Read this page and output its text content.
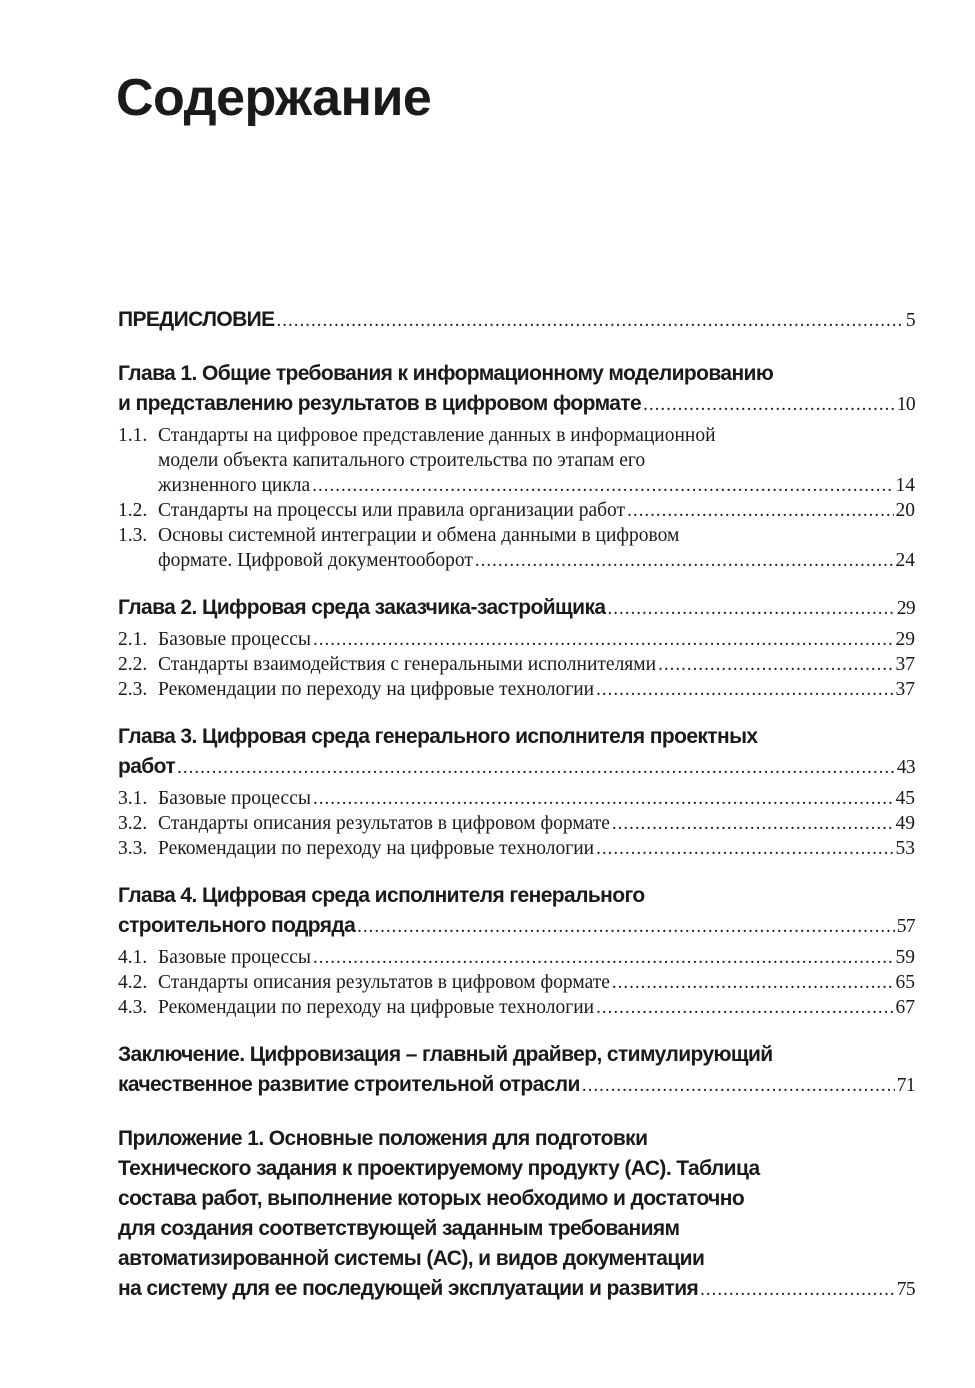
Содержание
ПРЕДИСЛОВИЕ .....	5
Глава 1. Общие требования к информационному моделированию
и представлению результатов в цифровом формате .....	10
1.1. Стандарты на цифровое представление данных в информационной
модели объекта капитального строительства по этапам его
жизненного цикла .....	14
1.2. Стандарты на процессы или правила организации работ .....	20
1.3. Основы системной интеграции и обмена данными в цифровом
формате. Цифровой документооборот .....	24
Глава 2. Цифровая среда заказчика-застройщика .....	29
2.1. Базовые процессы .....	29
2.2. Стандарты взаимодействия с генеральными исполнителями .....	37
2.3. Рекомендации по переходу на цифровые технологии .....	37
Глава 3. Цифровая среда генерального исполнителя проектных
работ .....	43
3.1. Базовые процессы .....	45
3.2. Стандарты описания результатов в цифровом формате .....	49
3.3. Рекомендации по переходу на цифровые технологии .....	53
Глава 4. Цифровая среда исполнителя генерального
строительного подряда .....	57
4.1. Базовые процессы .....	59
4.2. Стандарты описания результатов в цифровом формате .....	65
4.3. Рекомендации по переходу на цифровые технологии .....	67
Заключение. Цифровизация – главный драйвер, стимулирующий
качественное развитие строительной отрасли .....	71
Приложение 1. Основные положения для подготовки
Технического задания к проектируемому продукту (АС). Таблица
состава работ, выполнение которых необходимо и достаточно
для создания соответствующей заданным требованиям
автоматизированной системы (АС), и видов документации
на систему для ее последующей эксплуатации и развития .....	75
